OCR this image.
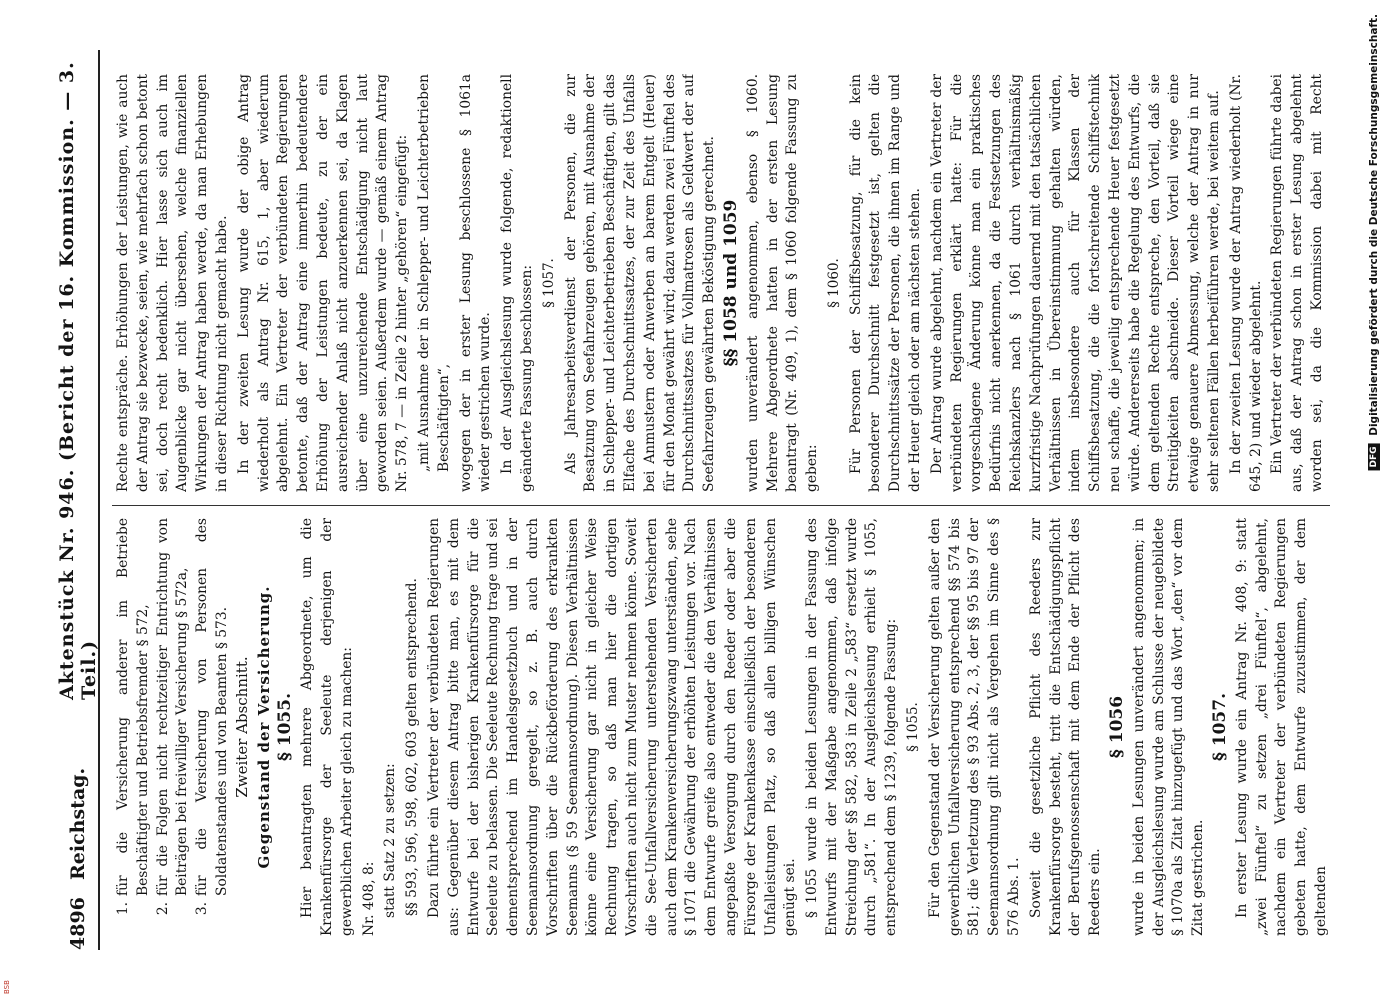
4896
Reichstag.
Aktenstück Nr. 946. (Bericht der 16. Kommission. — 3. Teil.)
1.
für die Versicherung anderer im Betriebe Beschäftigter und Betriebsfremder § 572,
2.
für die Folgen nicht rechtzeitiger Entrichtung von Beiträgen bei freiwilliger Versicherung § 572a,
3.
für die Versicherung von Personen des Soldatenstandes und von Beamten § 573. Zweiter Abschnitt. Gegenstand der Versicherung. § 1055. Hier beantragten mehrere Abgeordnete, um die Krankenfürsorge der Seeleute derjenigen der gewerblichen Arbeiter gleich zu machen: Nr. 408, 8: statt Satz 2 zu setzen: §§ 593, 596, 598, 602, 603 gelten entsprechend. Dazu führte ein Vertreter der verbündeten Regierungen aus: Gegenüber diesem Antrag bitte man, es mit dem Entwurfe bei der bisherigen Krankenfürsorge für die Seeleute zu belassen. Die Seeleute Rechnung trage und sei dementsprechend im Handelsgesetzbuch und in der Seemannsordnung geregelt, so z. B. auch durch Vorschriften über die Rückbeförderung des erkrankten Seemanns (§ 59 Seemannsordnung). Diesen Verhältnissen könne eine Versicherung gar nicht in gleicher Weise Rechnung tragen, so daß man hier die dortigen Vorschriften auch nicht zum Muster nehmen könne. Soweit die See-Unfallversicherung unterstehenden Versicherten auch dem Krankenversicherungszwang unterständen, sehe § 1071 die Gewährung der erhöhten Leistungen vor. Nach dem Entwurfe greife also entweder die den Verhältnissen angepaßte Versorgung durch den Reeder oder aber die Fürsorge der Krankenkasse einschließlich der besonderen Unfalleistungen Platz, so daß allen billigen Wünschen genügt sei. § 1055 wurde in beiden Lesungen in der Fassung des Entwurfs mit der Maßgabe angenommen, daß infolge Streichung der §§ 582, 583 in Zeile 2 „583“ ersetzt wurde durch „581“. In der Ausgleichslesung erhielt § 1055, entsprechend dem § 1239, folgende Fassung: § 1055. Für den Gegenstand der Versicherung gelten außer den gewerblichen Unfallversicherung entsprechend §§ 574 bis 581; die Verletzung des § 93 Abs. 2, 3, der §§ 95 bis 97 der Seemannsordnung gilt nicht als Vergehen im Sinne des § 576 Abs. 1. Soweit die gesetzliche Pflicht des Reeders zur Krankenfürsorge besteht, tritt die Entschädigungspflicht der Berufsgenossenschaft mit dem Ende der Pflicht des Reeders ein.

§ 1056 wurde in beiden Lesungen unverändert angenommen; in der Ausgleichslesung wurde am Schlusse der neugebildete § 1070a als Zitat hinzugefügt und das Wort „den“ vor dem Zitat gestrichen.

§ 1057. In erster Lesung wurde ein Antrag Nr. 408, 9: statt „zwei Fünftel“ zu setzen „drei Fünftel“, abgelehnt, nachdem ein Vertreter der verbündeten Regierungen gebeten hatte, dem Entwurfe zuzustimmen, der dem geltenden

Rechte entspräche. Erhöhungen der Leistungen, wie auch der Antrag sie bezwecke, seien, wie mehrfach schon betont sei, doch recht bedenklich. Hier lasse sich auch im Augenblicke gar nicht übersehen, welche finanziellen Wirkungen der Antrag haben werde, da man Erhebungen in dieser Richtung nicht gemacht habe. In der zweiten Lesung wurde der obige Antrag wiederholt als Antrag Nr. 615, 1, aber wiederum abgelehnt. Ein Vertreter der verbündeten Regierungen betonte, daß der Antrag eine immerhin bedeutendere Erhöhung der Leistungen bedeute, zu der ein ausreichender Anlaß nicht anzuerkennen sei, da Klagen über eine unzureichende Entschädigung nicht laut geworden seien. Außerdem wurde — gemäß einem Antrag Nr. 578, 7 — in Zeile 2 hinter „gehören“ eingefügt: „mit Ausnahme der in Schlepper- und Leichterbetrieben Beschäftigten“, wogegen der in erster Lesung beschlossene § 1061a wieder gestrichen wurde. In der Ausgleichslesung wurde folgende, redaktionell geänderte Fassung beschlossen: § 1057. Als Jahresarbeitsverdienst der Personen, die zur Besatzung von Seefahrzeugen gehören, mit Ausnahme der in Schlepper- und Leichterbetrieben Beschäftigten, gilt das Elfache des Durchschnittssatzes, der zur Zeit des Unfalls bei Anmustern oder Anwerben an barem Entgelt (Heuer) für den Monat gewährt wird; dazu werden zwei Fünftel des Durchschnittssatzes für Vollmatrosen als Geldwert der auf Seefahrzeugen gewährten Beköstigung gerechnet. §§ 1058 und 1059 wurden unverändert angenommen, ebenso § 1060. Mehrere Abgeordnete hatten in der ersten Lesung beantragt (Nr. 409, 1), dem § 1060 folgende Fassung zu geben:

§ 1060. Für Personen der Schiffsbesatzung, für die kein besonderer Durchschnitt festgesetzt ist, gelten die Durchschnittssätze der Personen, die ihnen im Range und der Heuer gleich oder am nächsten stehen. Der Antrag wurde abgelehnt, nachdem ein Vertreter der verbündeten Regierungen erklärt hatte: Für die vorgeschlagene Änderung könne man ein praktisches Bedürfnis nicht anerkennen, da die Festsetzungen des Reichskanzlers nach § 1061 durch verhältnismäßig kurzfristige Nachprüfungen dauernd mit den tatsächlichen Verhältnissen in Übereinstimmung gehalten würden, indem insbesondere auch für Klassen der Schiffsbesatzung, die die fortschreitende Schiffstechnik neu schaffe, die jeweilig entsprechende Heuer festgesetzt würde. Andererseits habe die Regelung des Entwurfs, die dem geltenden Rechte entspreche, den Vorteil, daß sie Streitigkeiten abschneide. Dieser Vorteil wiege eine etwaige genauere Abmessung, welche der Antrag in nur sehr seltenen Fällen herbeiführen werde, bei weitem auf. In der zweiten Lesung wurde der Antrag wiederholt (Nr. 645, 2) und wieder abgelehnt. Ein Vertreter der verbündeten Regierungen führte dabei aus, daß der Antrag schon in erster Lesung abgelehnt worden sei, da die Kommission dabei mit Recht

DFG Digitalisierung gefördert durch die Deutsche Forschungsgemeinschaft.
BSB
